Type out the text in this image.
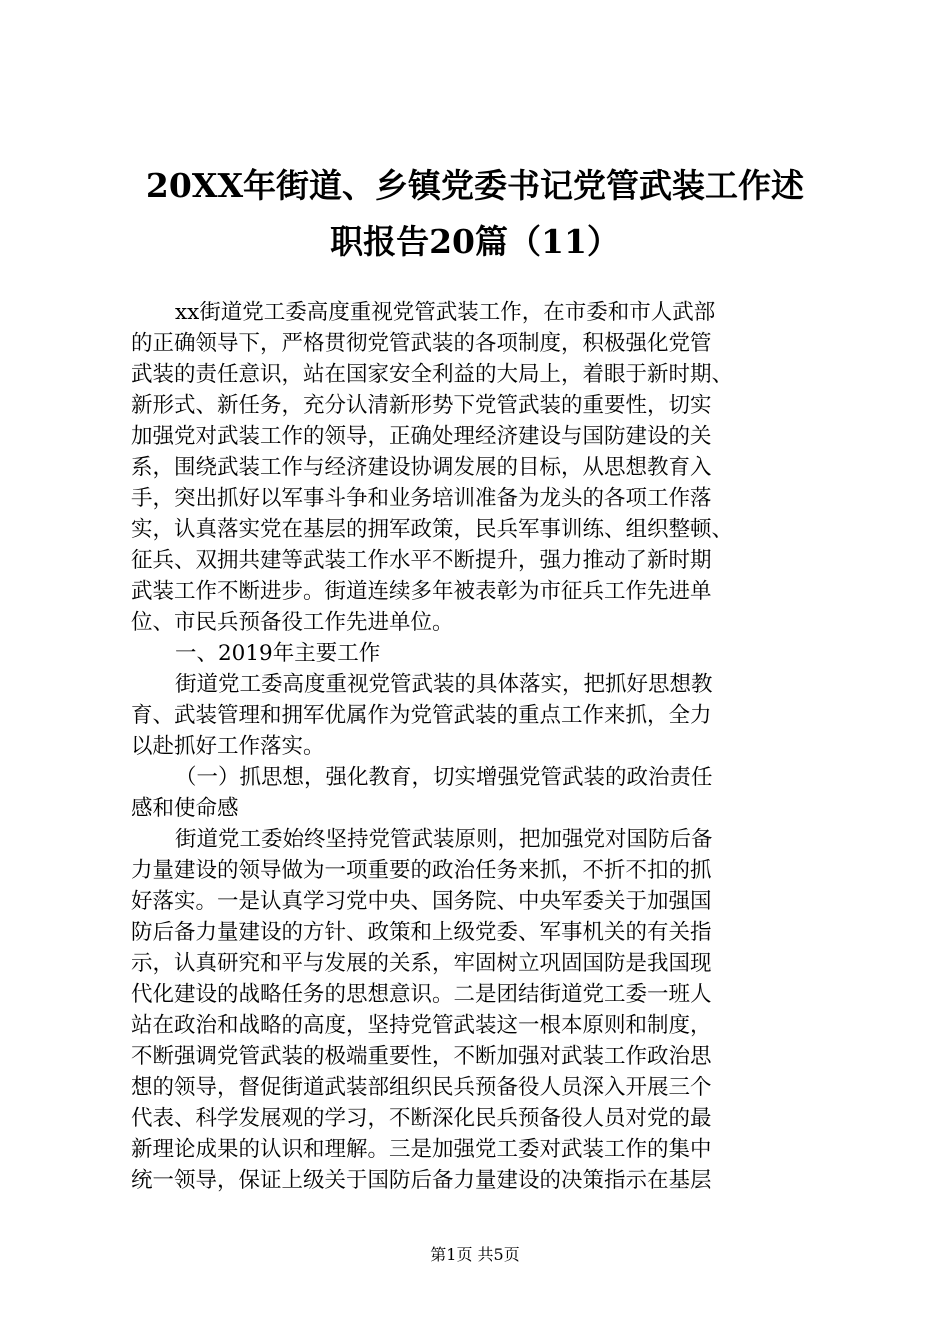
20XX年街道、乡镇党委书记党管武装工作述
职报告20篇（11）
xx街道党工委高度重视党管武装工作，在市委和市人武部
的正确领导下，严格贯彻党管武装的各项制度，积极强化党管
武装的责任意识，站在国家安全利益的大局上，着眼于新时期、
新形式、新任务，充分认清新形势下党管武装的重要性，切实
加强党对武装工作的领导，正确处理经济建设与国防建设的关
系，围绕武装工作与经济建设协调发展的目标，从思想教育入
手，突出抓好以军事斗争和业务培训准备为龙头的各项工作落
实，认真落实党在基层的拥军政策，民兵军事训练、组织整顿、
征兵、双拥共建等武装工作水平不断提升，强力推动了新时期
武装工作不断进步。街道连续多年被表彰为市征兵工作先进单
位、市民兵预备役工作先进单位。
一、2019年主要工作
街道党工委高度重视党管武装的具体落实，把抓好思想教
育、武装管理和拥军优属作为党管武装的重点工作来抓，全力
以赴抓好工作落实。
（一）抓思想，强化教育，切实增强党管武装的政治责任
感和使命感
街道党工委始终坚持党管武装原则，把加强党对国防后备
力量建设的领导做为一项重要的政治任务来抓，不折不扣的抓
好落实。一是认真学习党中央、国务院、中央军委关于加强国
防后备力量建设的方针、政策和上级党委、军事机关的有关指
示，认真研究和平与发展的关系，牢固树立巩固国防是我国现
代化建设的战略任务的思想意识。二是团结街道党工委一班人
站在政治和战略的高度，坚持党管武装这一根本原则和制度，
不断强调党管武装的极端重要性，不断加强对武装工作政治思
想的领导，督促街道武装部组织民兵预备役人员深入开展三个
代表、科学发展观的学习，不断深化民兵预备役人员对党的最
新理论成果的认识和理解。三是加强党工委对武装工作的集中
统一领导，保证上级关于国防后备力量建设的决策指示在基层
第1页 共5页
